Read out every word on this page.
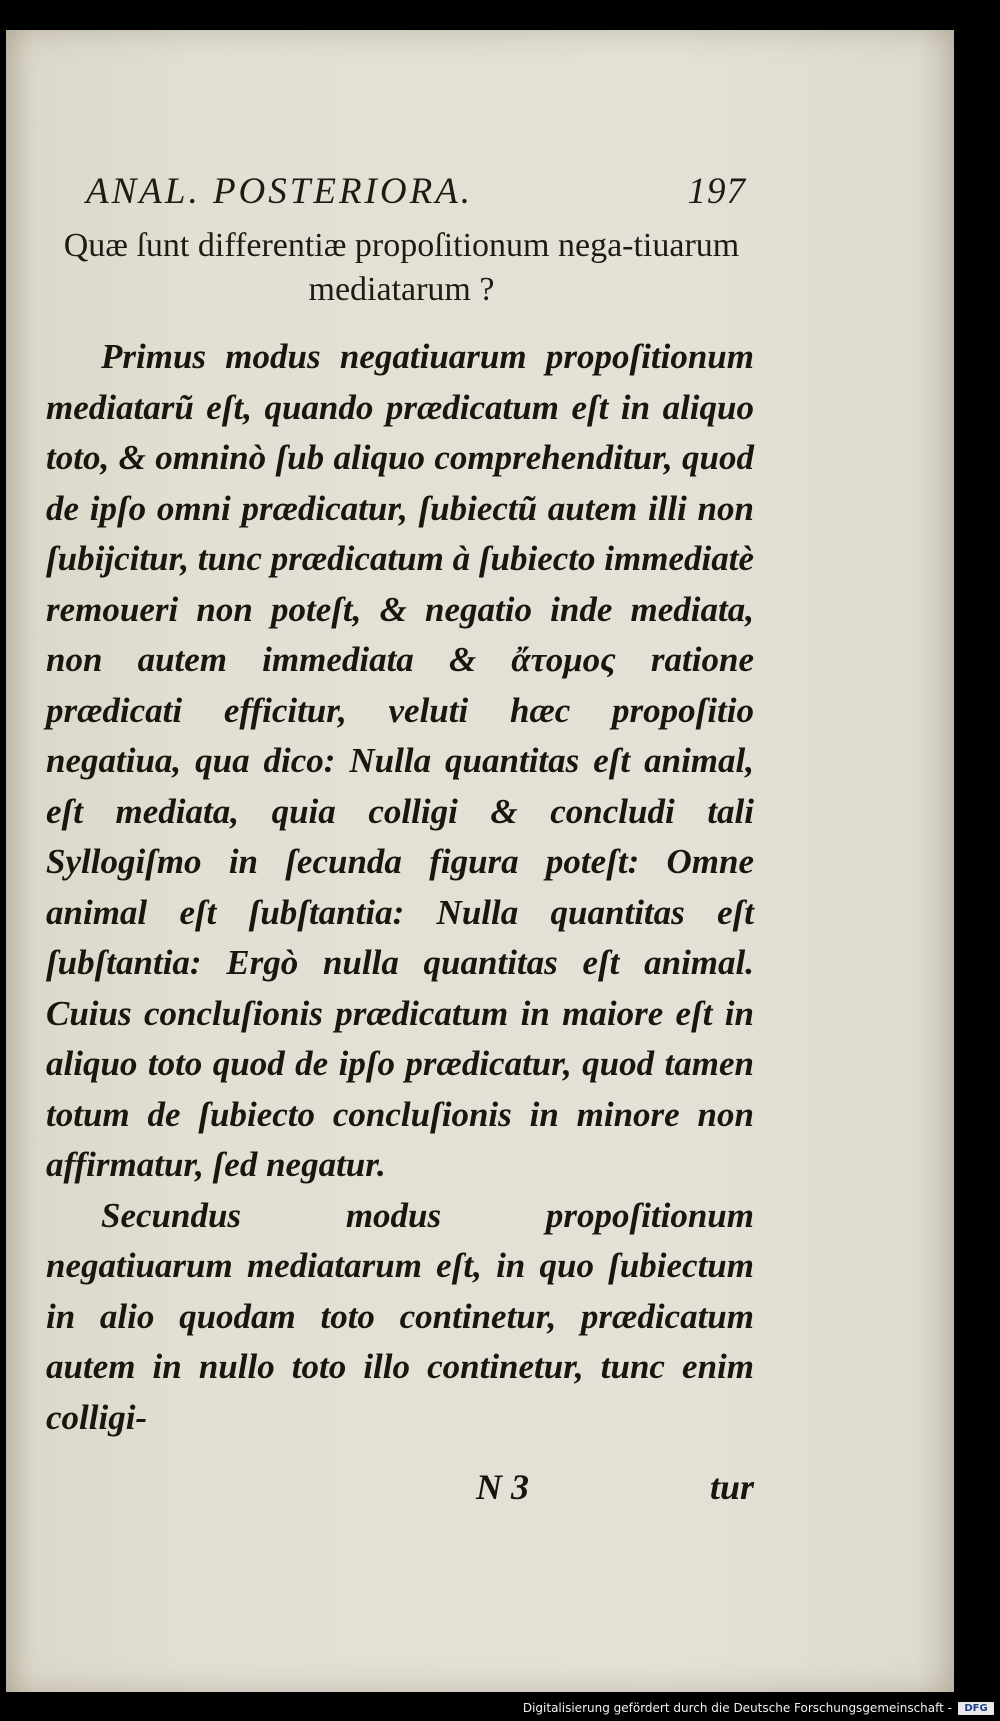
ANAL. POSTERIORA.	197
Quæ ſunt differentiæ propoſitionum nega-tiuarum mediatarum ?

Primus modus negatiuarum propoſitionum mediatarũ eſt, quando prædicatum eſt in aliquo toto, & omninò ſub aliquo comprehenditur, quod de ipſo omni prædicatur, ſubiectũ autem illi non ſubijcitur, tunc prædicatum à ſubiecto immediatè remoueri non poteſt, & negatio inde mediata, non autem immediata & ἄτομος ratione prædicati efficitur, veluti hæc propoſitio negatiua, qua dico: Nulla quantitas eſt animal, eſt mediata, quia colligi & concludi tali Syllogiſmo in ſecunda figura poteſt: Omne animal eſt ſubſtantia: Nulla quantitas eſt ſubſtantia: Ergò nulla quantitas eſt animal. Cuius concluſionis prædicatum in maiore eſt in aliquo toto quod de ipſo prædicatur, quod tamen totum de ſubiecto concluſionis in minore non affirmatur, ſed negatur.

Secundus modus propoſitionum negatiuarum mediatarum eſt, in quo ſubiectum in alio quodam toto continetur, prædicatum autem in nullo toto illo continetur, tunc enim colligi-

N 3	tur
Digitalisierung gefördert durch die Deutsche Forschungsgemeinschaft -	DFG
